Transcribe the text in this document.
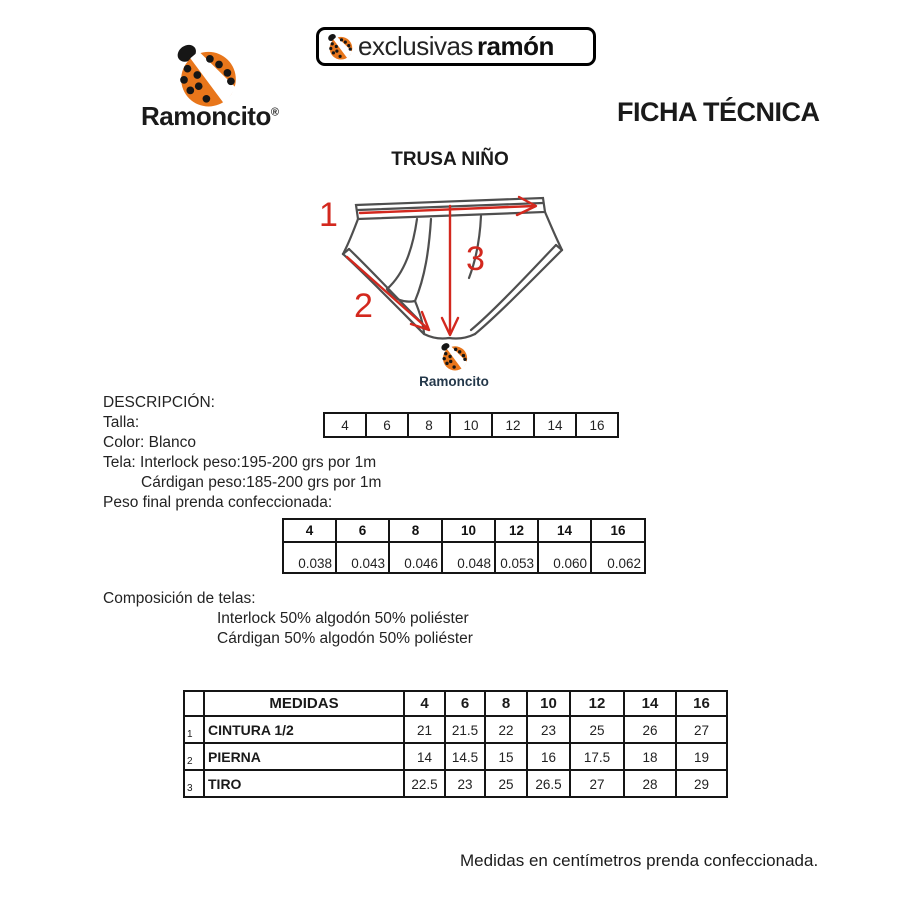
Ramoncito®
exclusivas ramón
FICHA TÉCNICA
TRUSA NIÑO
1
2
3
Ramoncito
DESCRIPCIÓN:
Talla:
Color: Blanco
Tela: Interlock peso:195-200 grs por 1m
Cárdigan peso:185-200 grs por 1m
Peso final prenda confeccionada:
4	6	8	10	12	14	16
4	6	8	10	12	14	16
0.038	0.043	0.046	0.048	0.053	0.060	0.062
Composición de telas:
Interlock 50% algodón 50% poliéster
Cárdigan 50% algodón 50% poliéster
	MEDIDAS	4	6	8	10	12	14	16
1	CINTURA 1/2	21	21.5	22	23	25	26	27
2	PIERNA	14	14.5	15	16	17.5	18	19
3	TIRO	22.5	23	25	26.5	27	28	29
Medidas en centímetros prenda confeccionada.
